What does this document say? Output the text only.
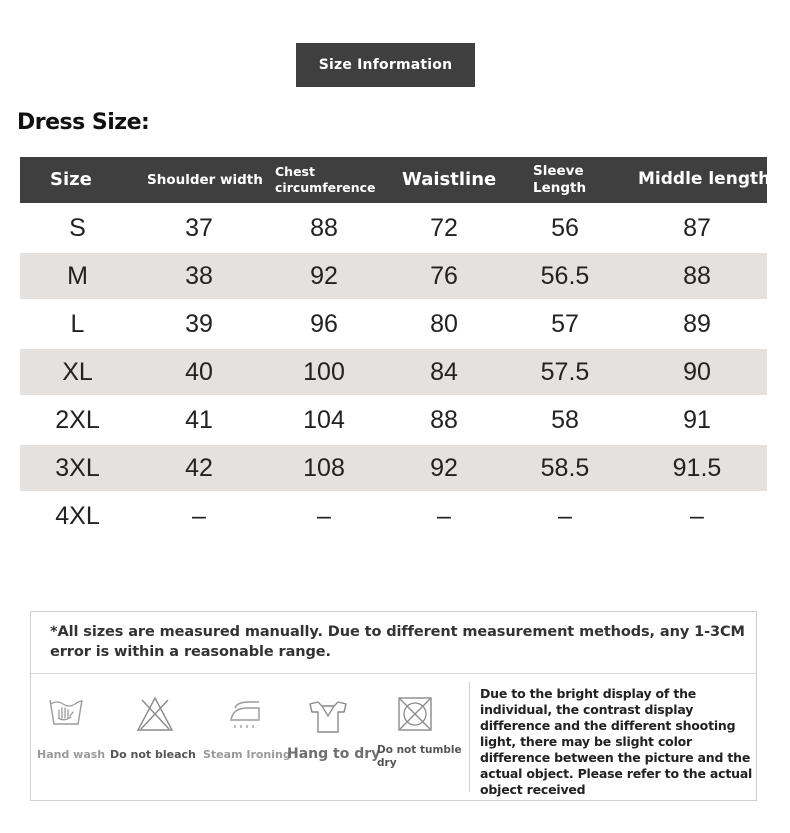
Size Information
Dress Size:
Size	Shoulder width	Chest circumference	Waistline	Sleeve Length	Middle length
S	37	88	72	56	87
M	38	92	76	56.5	88
L	39	96	80	57	89
XL	40	100	84	57.5	90
2XL	41	104	88	58	91
3XL	42	108	92	58.5	91.5
4XL	–	–	–	–	–
*All sizes are measured manually. Due to different measurement methods, any 1-3CM error is within a reasonable range.
Hand wash Do not bleach Steam Ironing
Hang to dry
Do not tumble dry
Due to the bright display of the individual, the contrast display difference and the different shooting light, there may be slight color difference between the picture and the actual object. Please refer to the actual object received
